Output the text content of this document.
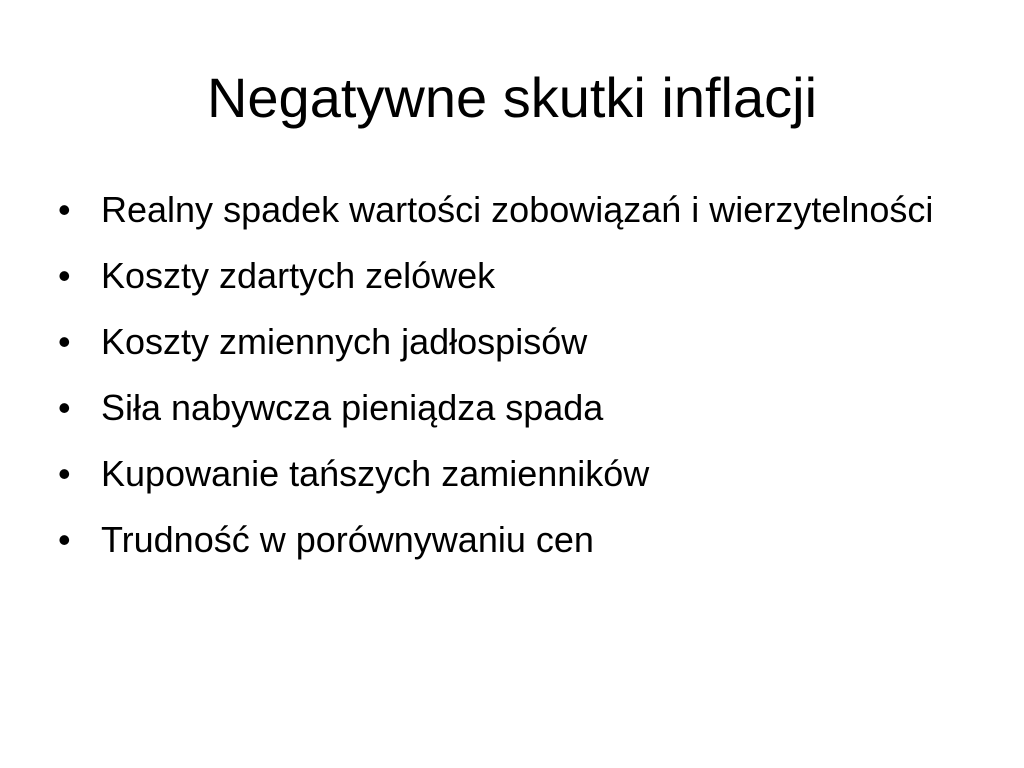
Negatywne skutki inflacji
• Realny spadek wartości zobowiązań i wierzytelności
• Koszty zdartych zelówek
• Koszty zmiennych jadłospisów
• Siła nabywcza pieniądza spada
• Kupowanie tańszych zamienników
• Trudność w porównywaniu cen
